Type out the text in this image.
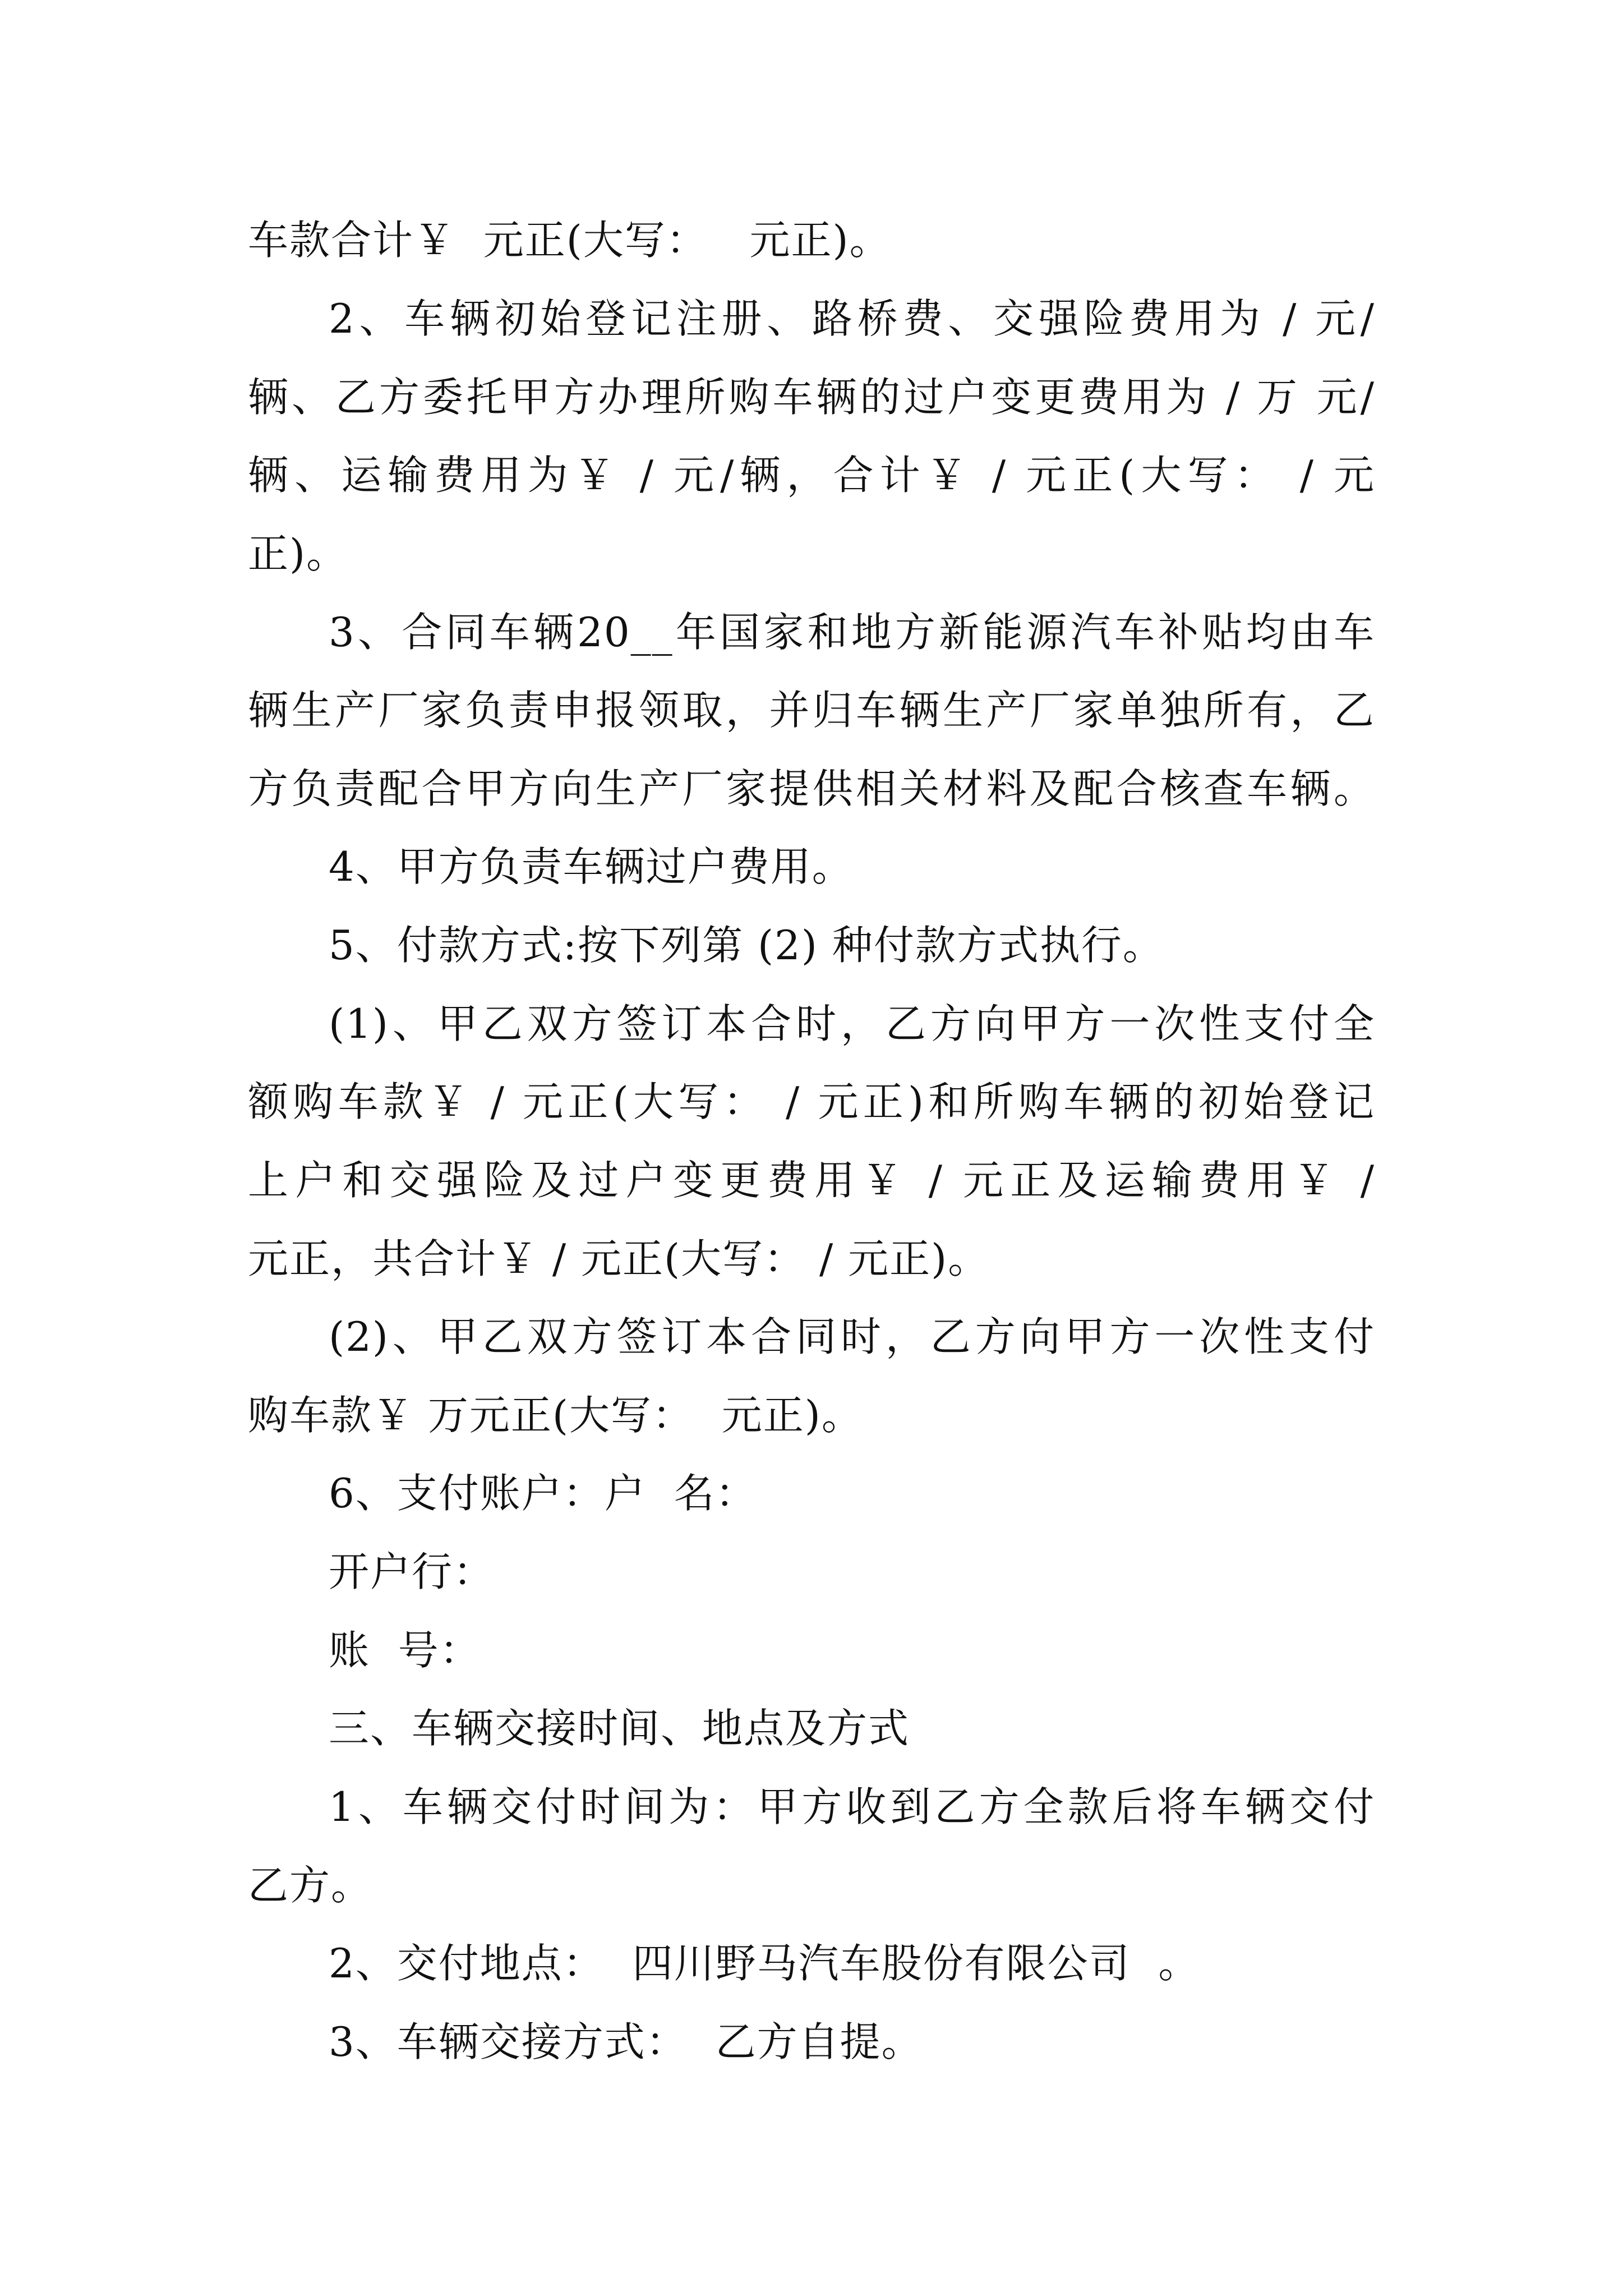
车款合计￥  元正(大写：   元正)。
2、车辆初始登记注册、路桥费、交强险费用为 / 元/
辆、乙方委托甲方办理所购车辆的过户变更费用为 / 万 元/
辆、运输费用为￥ / 元/辆，合计￥ / 元正(大写： / 元
正)。
3、合同车辆20__年国家和地方新能源汽车补贴均由车
辆生产厂家负责申报领取，并归车辆生产厂家单独所有，乙
方负责配合甲方向生产厂家提供相关材料及配合核查车辆。
4、甲方负责车辆过户费用。
5、付款方式:按下列第 (2) 种付款方式执行。
(1)、甲乙双方签订本合时，乙方向甲方一次性支付全
额购车款￥ / 元正(大写： / 元正)和所购车辆的初始登记
上户和交强险及过户变更费用￥ / 元正及运输费用￥ /
元正，共合计￥ / 元正(大写： / 元正)。
(2)、甲乙双方签订本合同时，乙方向甲方一次性支付
购车款￥ 万元正(大写：  元正)。
6、支付账户：户  名：
开户行：
账  号：
三、车辆交接时间、地点及方式
1、车辆交付时间为：甲方收到乙方全款后将车辆交付
乙方。
2、交付地点：  四川野马汽车股份有限公司  。
3、车辆交接方式：  乙方自提。
